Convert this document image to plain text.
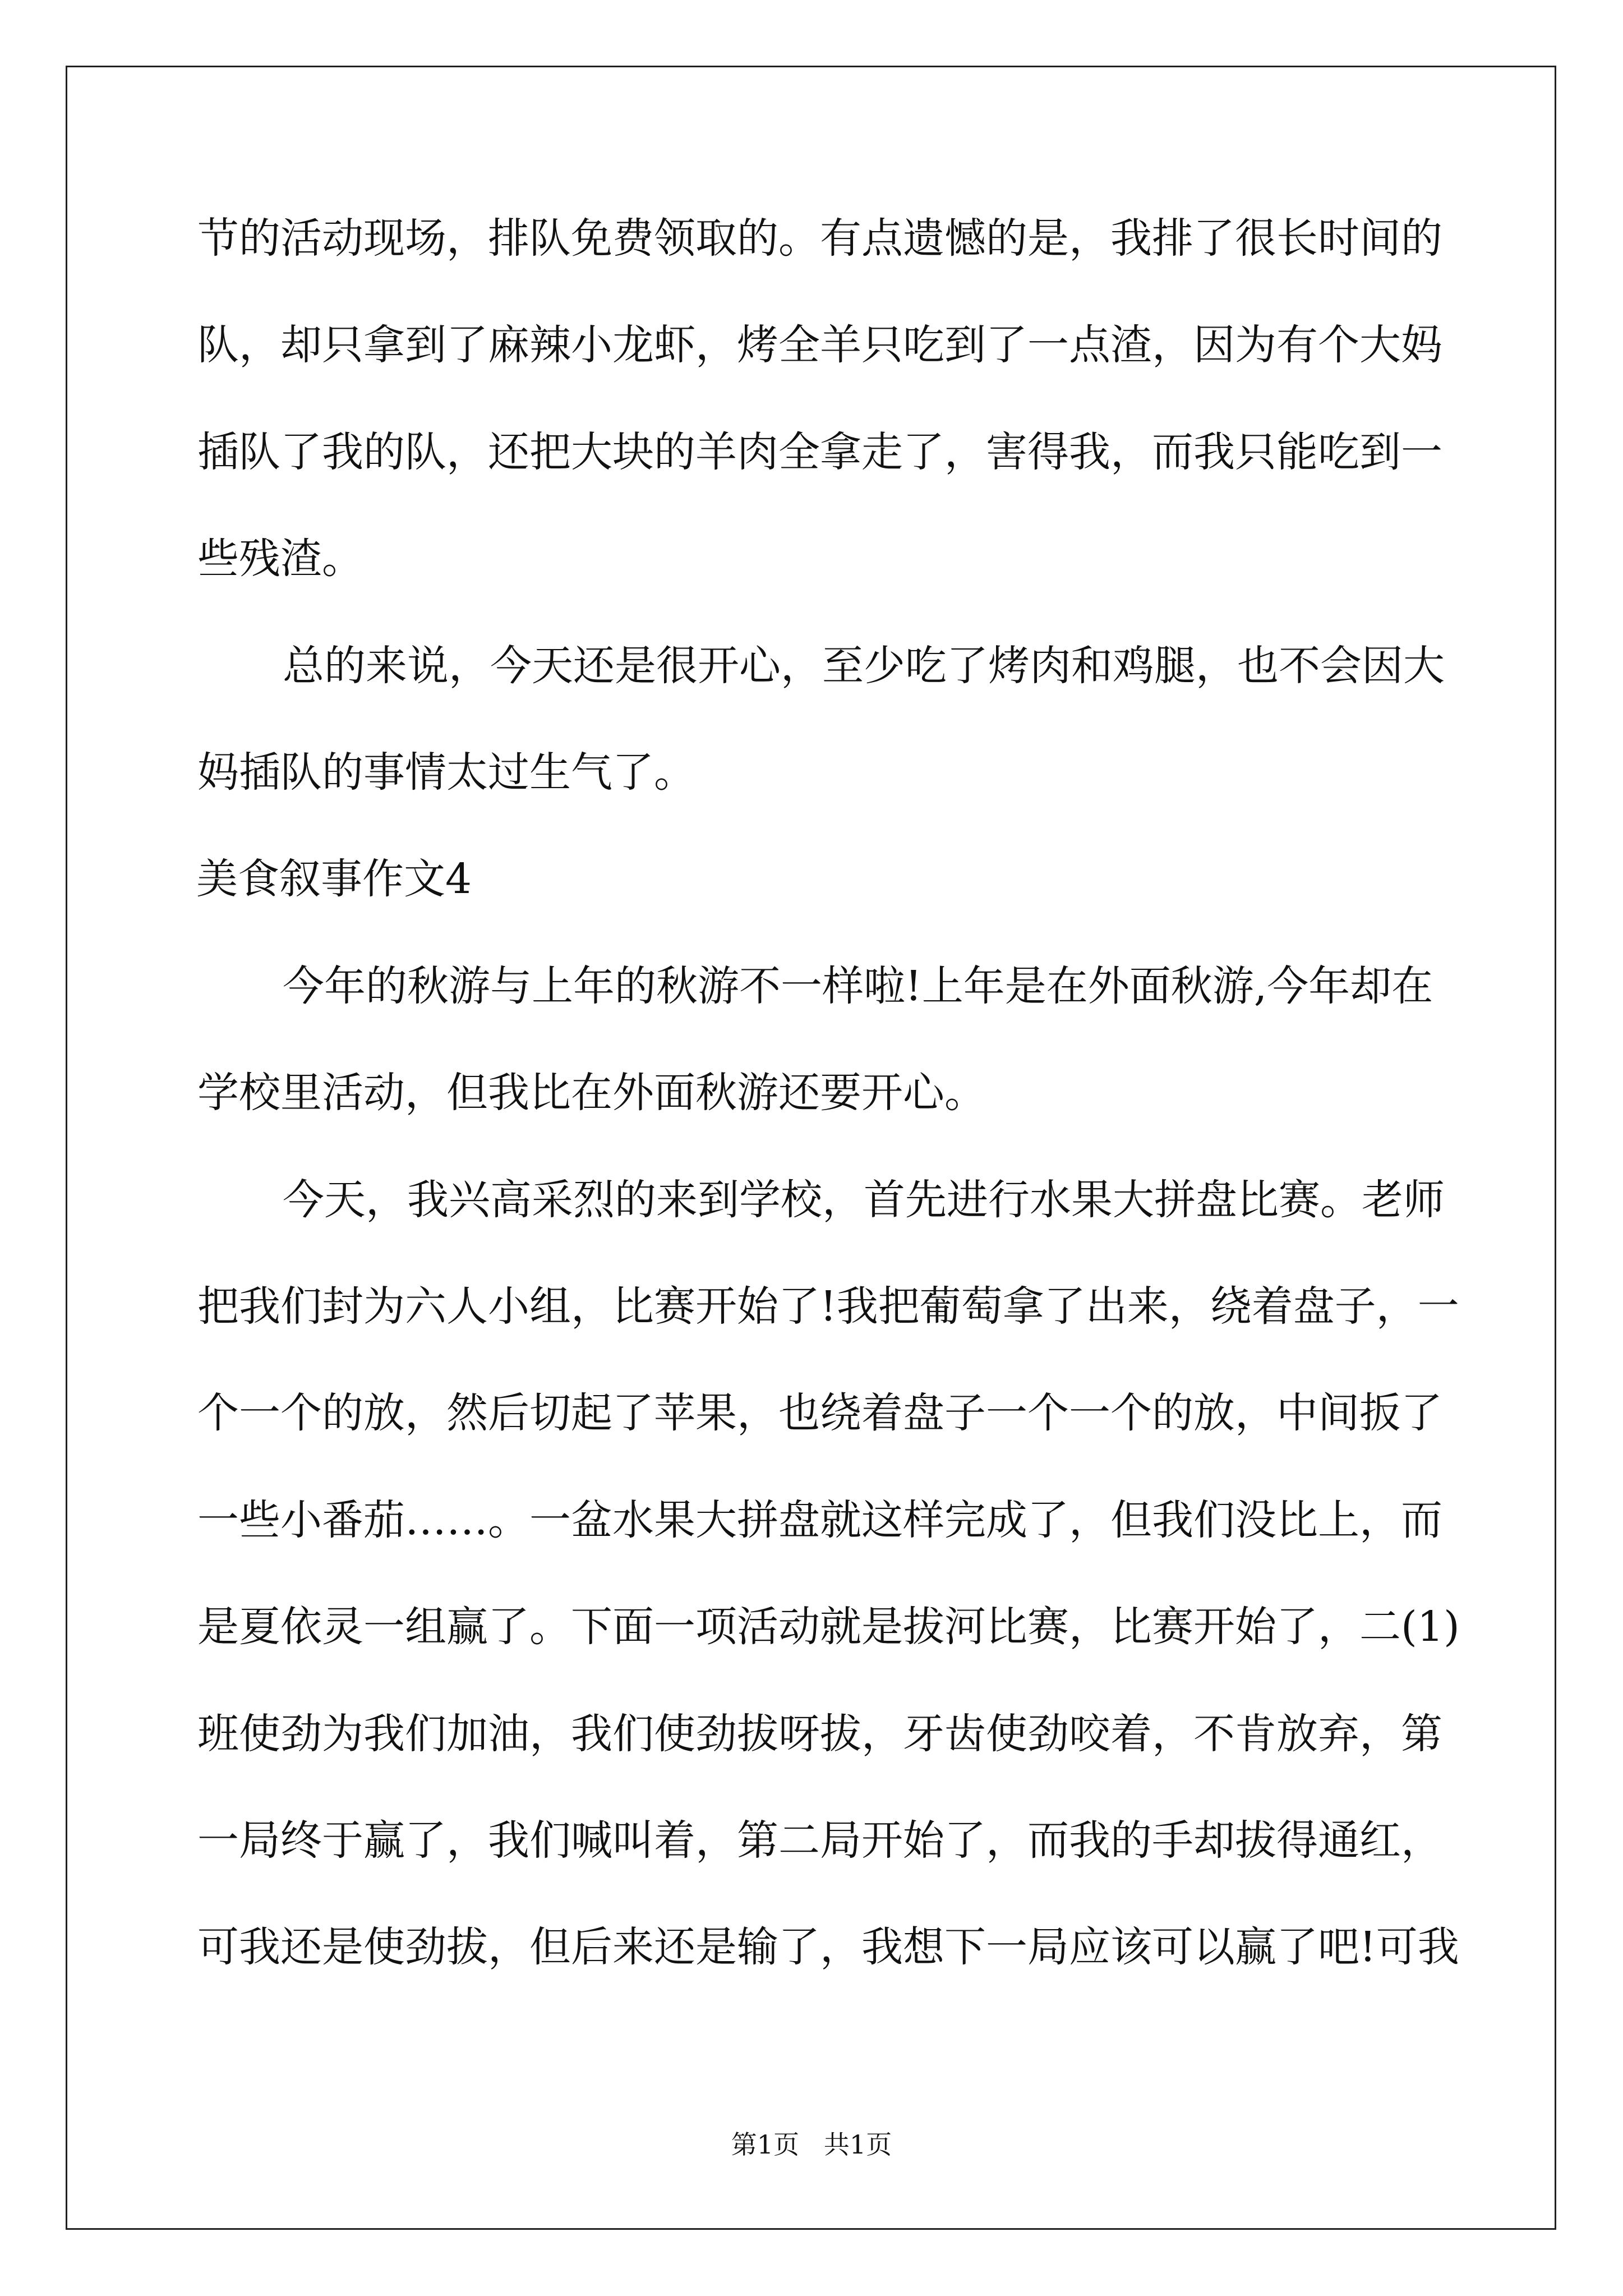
节的活动现场，排队免费领取的。有点遗憾的是，我排了很长时间的
队，却只拿到了麻辣小龙虾，烤全羊只吃到了一点渣，因为有个大妈
插队了我的队，还把大块的羊肉全拿走了，害得我，而我只能吃到一
些残渣。
总的来说，今天还是很开心，至少吃了烤肉和鸡腿，也不会因大
妈插队的事情太过生气了。
美食叙事作文4
今年的秋游与上年的秋游不一样啦!上年是在外面秋游,今年却在
学校里活动，但我比在外面秋游还要开心。
今天，我兴高采烈的来到学校，首先进行水果大拼盘比赛。老师
把我们封为六人小组，比赛开始了!我把葡萄拿了出来，绕着盘子，一
个一个的放，然后切起了苹果，也绕着盘子一个一个的放，中间扳了
一些小番茄……。一盆水果大拼盘就这样完成了，但我们没比上，而
是夏依灵一组赢了。下面一项活动就是拔河比赛，比赛开始了，二(1)
班使劲为我们加油，我们使劲拔呀拔，牙齿使劲咬着，不肯放弃，第
一局终于赢了，我们喊叫着，第二局开始了，而我的手却拔得通红，
可我还是使劲拔，但后来还是输了，我想下一局应该可以赢了吧!可我
第1页   共1页
